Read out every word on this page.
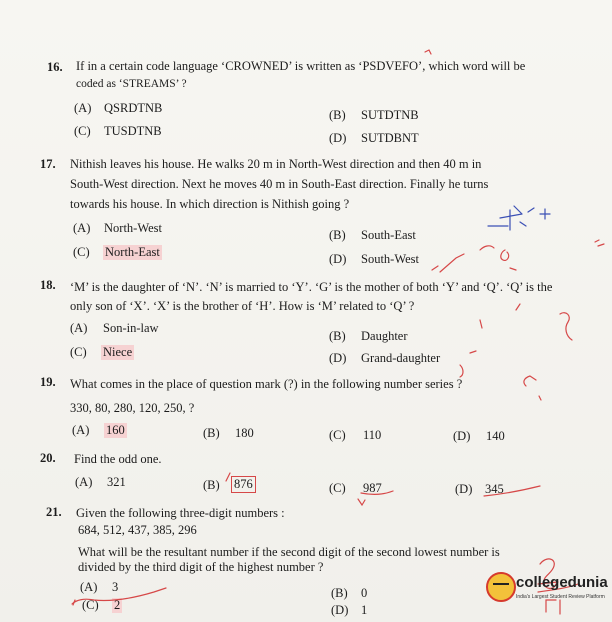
16. If in a certain code language ‘CROWNED’ is written as ‘PSDVEFO’, which word will be
coded as ‘STREAMS’ ?
(A) QSRDTNB	(B) SUTDTNB
(C) TUSDTNB	(D) SUTDBNT
17. Nithish leaves his house. He walks 20 m in North-West direction and then 40 m in
South-West direction. Next he moves 40 m in South-East direction. Finally he turns
towards his house. In which direction is Nithish going ?
(A) North-West	(B) South-East
(C) North-East	(D) South-West
18. ‘M’ is the daughter of ‘N’. ‘N’ is married to ‘Y’. ‘G’ is the mother of both ‘Y’ and ‘Q’. ‘Q’ is the
only son of ‘X’. ‘X’ is the brother of ‘H’. How is ‘M’ related to ‘Q’ ?
(A) Son-in-law
(B) Daughter
(C) Niece	(D) Grand-daughter
19. What comes in the place of question mark (?) in the following number series ?
330, 80, 280, 120, 250, ?
(A) 160	(B) 180	(C) 110	(D) 140
20. Find the odd one.
(A) 321	(B) 876	(C) 987	(D) 345
21. Given the following three-digit numbers :
684, 512, 437, 385, 296
What will be the resultant number if the second digit of the second lowest number is
divided by the third digit of the highest number ?
(A) 3	(B) 0
(C) 2	(D) 1
collegedunia
India's Largest Student Review Platform
